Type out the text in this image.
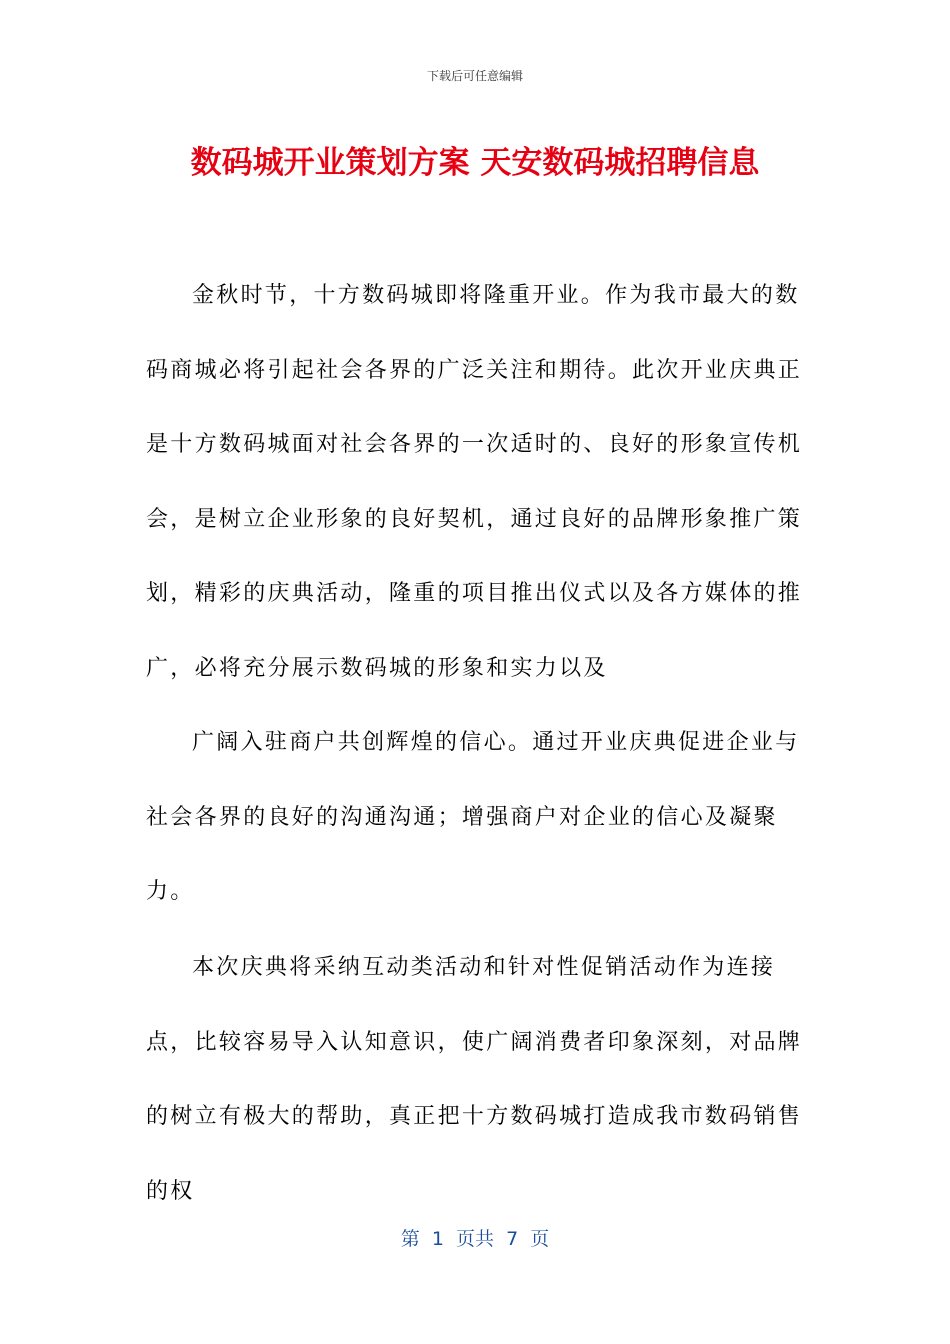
下载后可任意编辑
数码城开业策划方案 天安数码城招聘信息

金秋时节，十方数码城即将隆重开业。作为我市最大的数码商城必将引起社会各界的广泛关注和期待。此次开业庆典正是十方数码城面对社会各界的一次适时的、良好的形象宣传机会，是树立企业形象的良好契机，通过良好的品牌形象推广策划，精彩的庆典活动，隆重的项目推出仪式以及各方媒体的推广，必将充分展示数码城的形象和实力以及

广阔入驻商户共创辉煌的信心。通过开业庆典促进企业与社会各界的良好的沟通沟通；增强商户对企业的信心及凝聚力。

本次庆典将采纳互动类活动和针对性促销活动作为连接点，比较容易导入认知意识，使广阔消费者印象深刻，对品牌的树立有极大的帮助，真正把十方数码城打造成我市数码销售的权

第  1  页共  7  页
